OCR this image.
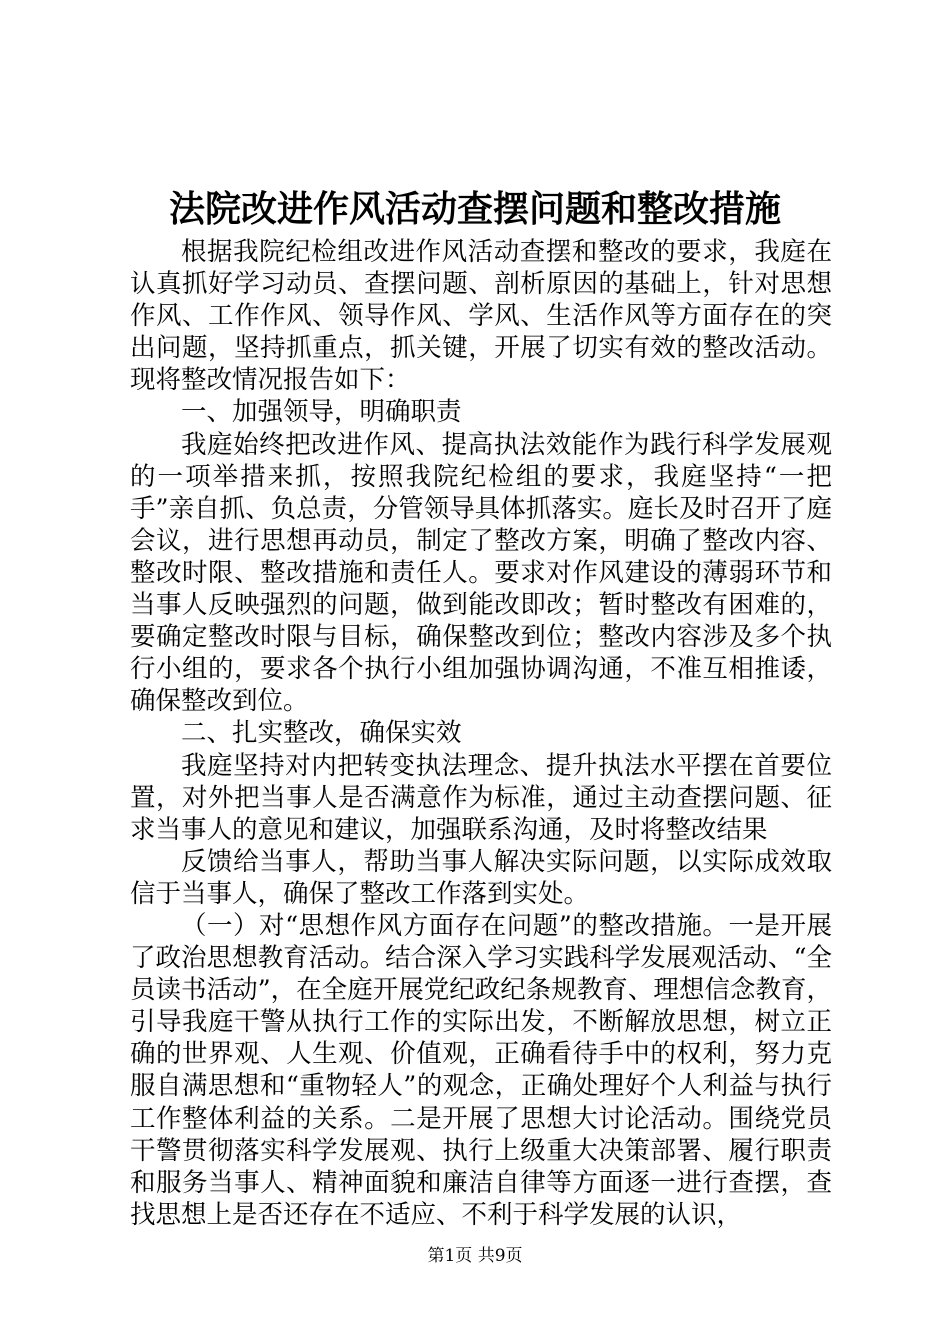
法院改进作风活动查摆问题和整改措施

根据我院纪检组改进作风活动查摆和整改的要求，我庭在认真抓好学习动员、查摆问题、剖析原因的基础上，针对思想作风、工作作风、领导作风、学风、生活作风等方面存在的突出问题，坚持抓重点，抓关键，开展了切实有效的整改活动。现将整改情况报告如下：

一、加强领导，明确职责

我庭始终把改进作风、提高执法效能作为践行科学发展观的一项举措来抓，按照我院纪检组的要求，我庭坚持“一把手”亲自抓、负总责，分管领导具体抓落实。庭长及时召开了庭会议，进行思想再动员，制定了整改方案，明确了整改内容、整改时限、整改措施和责任人。要求对作风建设的薄弱环节和当事人反映强烈的问题，做到能改即改；暂时整改有困难的，要确定整改时限与目标，确保整改到位；整改内容涉及多个执行小组的，要求各个执行小组加强协调沟通，不准互相推诿，确保整改到位。

二、扎实整改，确保实效

我庭坚持对内把转变执法理念、提升执法水平摆在首要位置，对外把当事人是否满意作为标准，通过主动查摆问题、征求当事人的意见和建议，加强联系沟通，及时将整改结果

反馈给当事人，帮助当事人解决实际问题，以实际成效取信于当事人，确保了整改工作落到实处。

（一）对“思想作风方面存在问题”的整改措施。一是开展了政治思想教育活动。结合深入学习实践科学发展观活动、“全员读书活动”，在全庭开展党纪政纪条规教育、理想信念教育，引导我庭干警从执行工作的实际出发，不断解放思想，树立正确的世界观、人生观、价值观，正确看待手中的权利，努力克服自满思想和“重物轻人”的观念，正确处理好个人利益与执行工作整体利益的关系。二是开展了思想大讨论活动。围绕党员干警贯彻落实科学发展观、执行上级重大决策部署、履行职责和服务当事人、精神面貌和廉洁自律等方面逐一进行查摆，查找思想上是否还存在不适应、不利于科学发展的认识，

第1页 共9页
